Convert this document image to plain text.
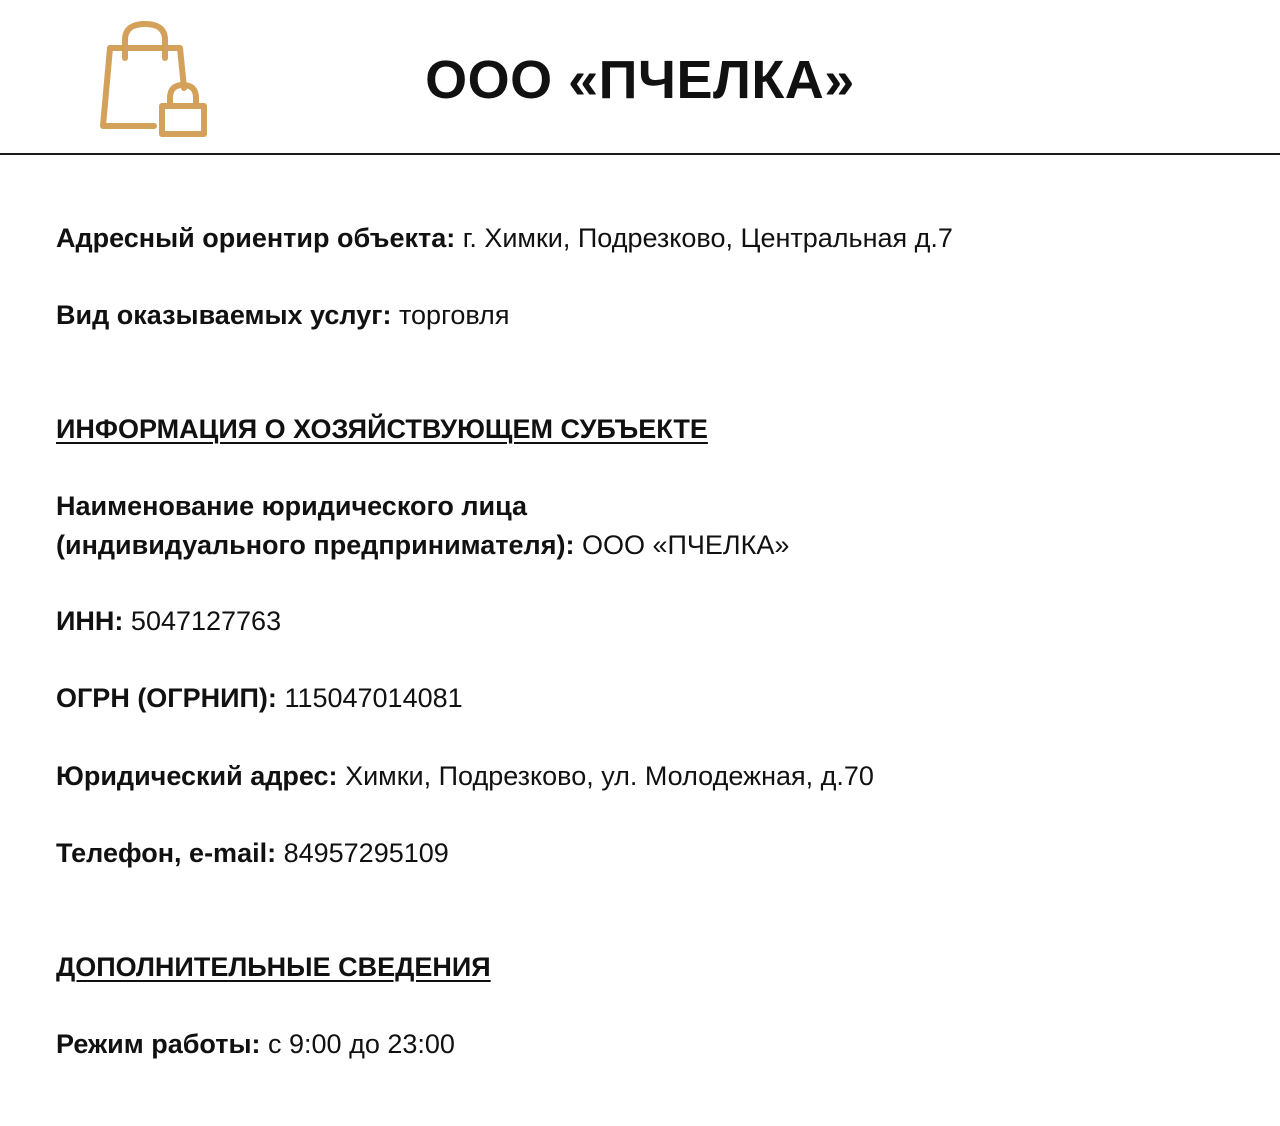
ООО «ПЧЕЛКА»
Адресный ориентир объекта: г. Химки, Подрезково, Центральная д.7
Вид оказываемых услуг: торговля
ИНФОРМАЦИЯ О ХОЗЯЙСТВУЮЩЕМ СУБЪЕКТЕ
Наименование юридического лица
(индивидуального предпринимателя): ООО «ПЧЕЛКА»
ИНН: 5047127763
ОГРН (ОГРНИП): 115047014081
Юридический адрес: Химки, Подрезково, ул. Молодежная, д.70
Телефон, e-mail: 84957295109
ДОПОЛНИТЕЛЬНЫЕ СВЕДЕНИЯ
Режим работы: с 9:00 до 23:00
